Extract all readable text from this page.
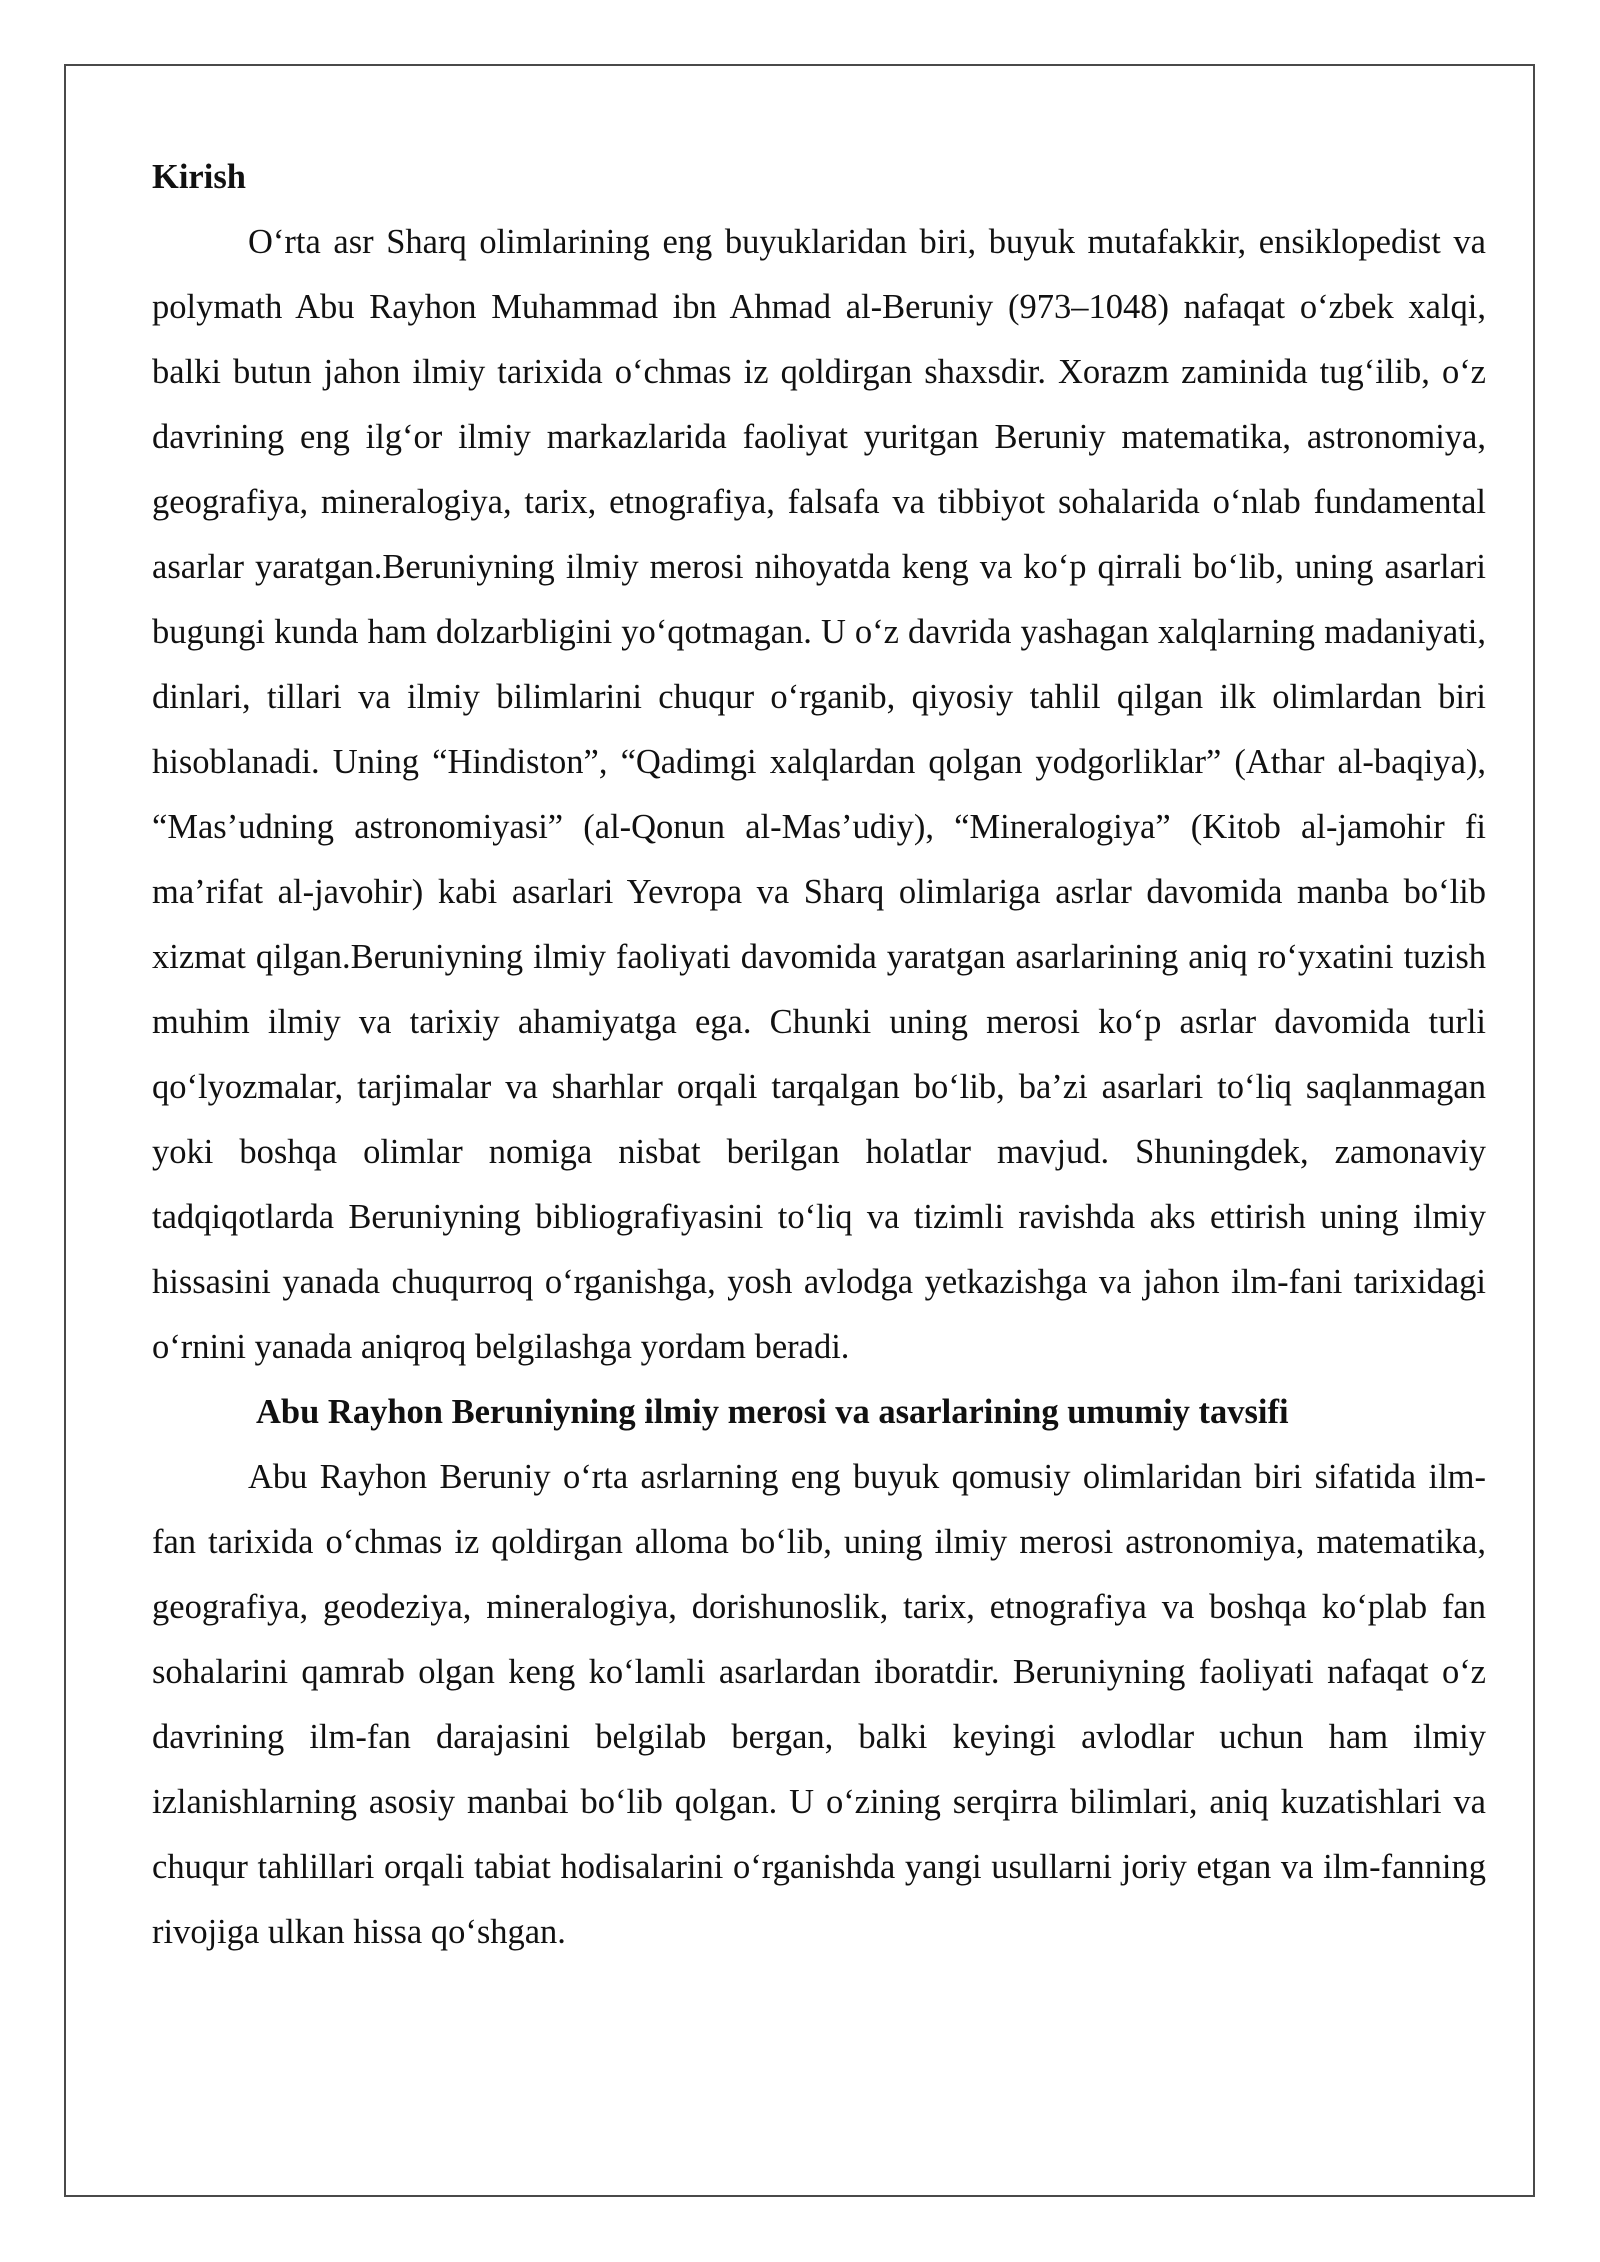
Kirish

O‘rta asr Sharq olimlarining eng buyuklaridan biri, buyuk mutafakkir, ensiklopedist va polymath Abu Rayhon Muhammad ibn Ahmad al-Beruniy (973–1048) nafaqat o‘zbek xalqi, balki butun jahon ilmiy tarixida o‘chmas iz qoldirgan shaxsdir. Xorazm zaminida tug‘ilib, o‘z davrining eng ilg‘or ilmiy markazlarida faoliyat yuritgan Beruniy matematika, astronomiya, geografiya, mineralogiya, tarix, etnografiya, falsafa va tibbiyot sohalarida o‘nlab fundamental asarlar yaratgan.Beruniyning ilmiy merosi nihoyatda keng va ko‘p qirrali bo‘lib, uning asarlari bugungi kunda ham dolzarbligini yo‘qotmagan. U o‘z davrida yashagan xalqlarning madaniyati, dinlari, tillari va ilmiy bilimlarini chuqur o‘rganib, qiyosiy tahlil qilgan ilk olimlardan biri hisoblanadi. Uning “Hindiston”, “Qadimgi xalqlardan qolgan yodgorliklar” (Athar al-baqiya), “Mas’udning astronomiyasi” (al-Qonun al-Mas’udiy), “Mineralogiya” (Kitob al-jamohir fi ma’rifat al-javohir) kabi asarlari Yevropa va Sharq olimlariga asrlar davomida manba bo‘lib xizmat qilgan.Beruniyning ilmiy faoliyati davomida yaratgan asarlarining aniq ro‘yxatini tuzish muhim ilmiy va tarixiy ahamiyatga ega. Chunki uning merosi ko‘p asrlar davomida turli qo‘lyozmalar, tarjimalar va sharhlar orqali tarqalgan bo‘lib, ba’zi asarlari to‘liq saqlanmagan yoki boshqa olimlar nomiga nisbat berilgan holatlar mavjud. Shuningdek, zamonaviy tadqiqotlarda Beruniyning bibliografiyasini to‘liq va tizimli ravishda aks ettirish uning ilmiy hissasini yanada chuqurroq o‘rganishga, yosh avlodga yetkazishga va jahon ilm-fani tarixidagi o‘rnini yanada aniqroq belgilashga yordam beradi.

Abu Rayhon Beruniyning ilmiy merosi va asarlarining umumiy tavsifi

Abu Rayhon Beruniy o‘rta asrlarning eng buyuk qomusiy olimlaridan biri sifatida ilm-fan tarixida o‘chmas iz qoldirgan alloma bo‘lib, uning ilmiy merosi astronomiya, matematika, geografiya, geodeziya, mineralogiya, dorishunoslik, tarix, etnografiya va boshqa ko‘plab fan sohalarini qamrab olgan keng ko‘lamli asarlardan iboratdir. Beruniyning faoliyati nafaqat o‘z davrining ilm-fan darajasini belgilab bergan, balki keyingi avlodlar uchun ham ilmiy izlanishlarning asosiy manbai bo‘lib qolgan. U o‘zining serqirra bilimlari, aniq kuzatishlari va chuqur tahlillari orqali tabiat hodisalarini o‘rganishda yangi usullarni joriy etgan va ilm-fanning rivojiga ulkan hissa qo‘shgan.
